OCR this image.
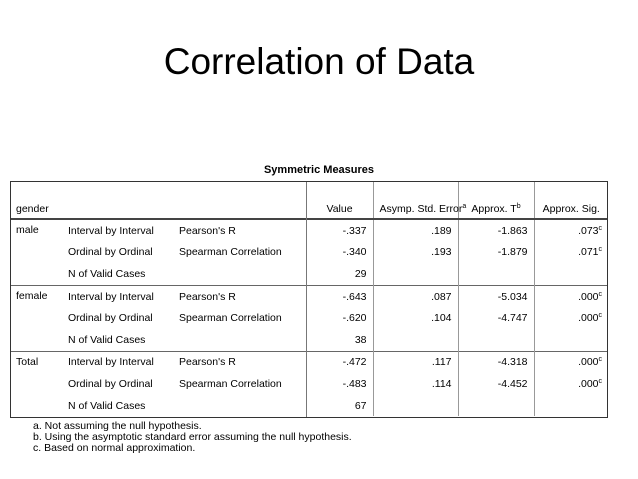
Correlation of Data
Symmetric Measures
gender			Value	Asymp. Std. Error$^a$	Approx. $T^b$	Approx. Sig.
male	Interval by Interval	Pearson's R	-.337	.189	-1.863	.073$^c$
	Ordinal by Ordinal	Spearman Correlation	-.340	.193	-1.879	.071$^c$
	N of Valid Cases		29			
female	Interval by Interval	Pearson's R	-.643	.087	-5.034	.000$^c$
	Ordinal by Ordinal	Spearman Correlation	-.620	.104	-4.747	.000$^c$
	N of Valid Cases		38			
Total	Interval by Interval	Pearson's R	-.472	.117	-4.318	.000$^c$
	Ordinal by Ordinal	Spearman Correlation	-.483	.114	-4.452	.000$^c$
	N of Valid Cases		67			
a. Not assuming the null hypothesis.
b. Using the asymptotic standard error assuming the null hypothesis.
c. Based on normal approximation.
